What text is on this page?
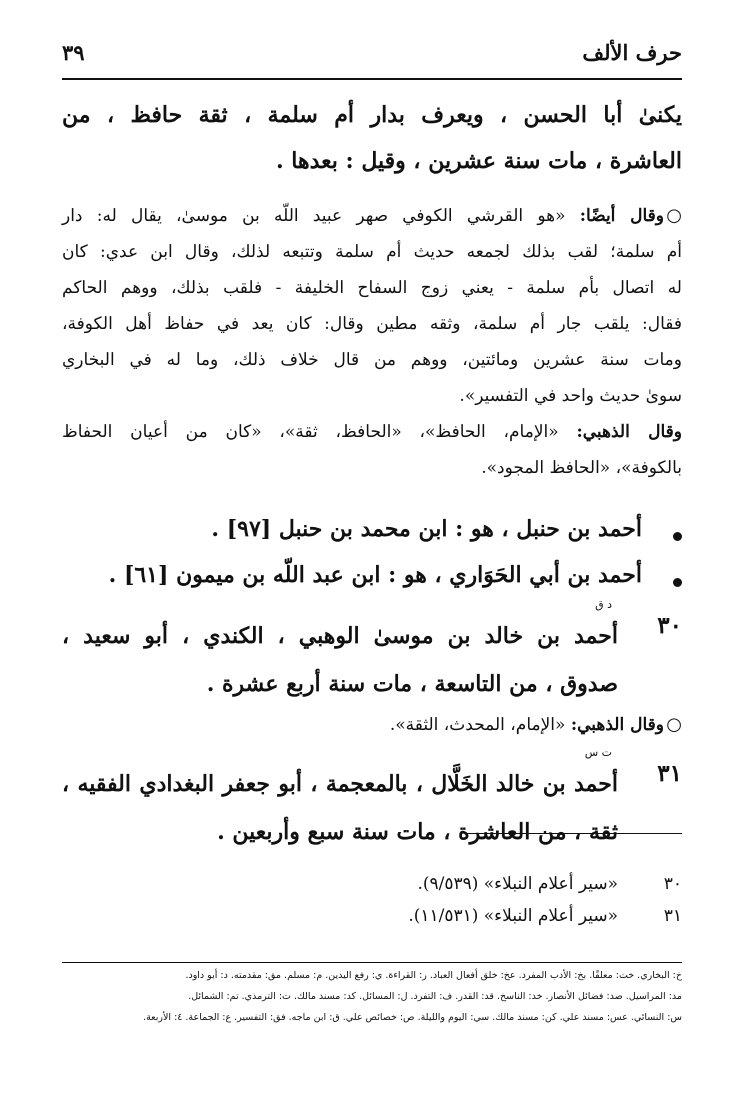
حرف الألف
٣٩
يكنىٰ أبا الحسن ، ويعرف بدار أم سلمة ، ثقة حافظ ، من
العاشرة ، مات سنة عشرين ، وقيل : بعدها .
○وقال أيضًا: «هو القرشي الكوفي صهر عبيد اللّه بن موسىٰ، يقال له: دار
أم سلمة؛ لقب بذلك لجمعه حديث أم سلمة وتتبعه لذلك، وقال ابن عدي: كان
له اتصال بأم سلمة - يعني زوج السفاح الخليفة - فلقب بذلك، ووهم الحاكم
فقال: يلقب جار أم سلمة، وثقه مطين وقال: كان يعد في حفاظ أهل الكوفة،
ومات سنة عشرين ومائتين، ووهم من قال خلاف ذلك، وما له في البخاري
سوىٰ حديث واحد في التفسير».
وقال الذهبي: «الإمام، الحافظ»، «الحافظ، ثقة»، «كان من أعيان الحفاظ
بالكوفة»، «الحافظ المجود».
أحمد بن حنبل ، هو : ابن محمد بن حنبل [٩٧] .
أحمد بن أبي الحَوَاري ، هو : ابن عبد اللّه بن ميمون [٦١] .
٣٠
د ق
أحمد بن خالد بن موسىٰ الوهبي ، الكندي ، أبو سعيد ،
صدوق ، من التاسعة ، مات سنة أربع عشرة .
○وقال الذهبي: «الإمام، المحدث، الثقة».
٣١
ت س
أحمد بن خالد الخَلَّال ، بالمعجمة ، أبو جعفر البغدادي الفقيه ،
ثقة ، من العاشرة ، مات سنة سبع وأربعين .
٣٠
«سير أعلام النبلاء» (٩/٥٣٩).
٣١
«سير أعلام النبلاء» (١١/٥٣١).
خ: البخاري. خت: معلقًا. بخ: الأدب المفرد. عخ: خلق أفعال العباد. ر: القراءة. ي: رفع اليدين. م: مسلم. مق: مقدمته. د: أبو داود.
مد: المراسيل. صد: فضائل الأنصار. خد: الناسخ. قد: القدر. ف: التفرد. ل: المسائل. كد: مسند مالك. ت: الترمذي. تم: الشمائل.
س: النسائي. عس: مسند علي. كن: مسند مالك. سي: اليوم والليلة. ص: خصائص علي. ق: ابن ماجه. فق: التفسير. ع: الجماعة. ٤: الأربعة.
